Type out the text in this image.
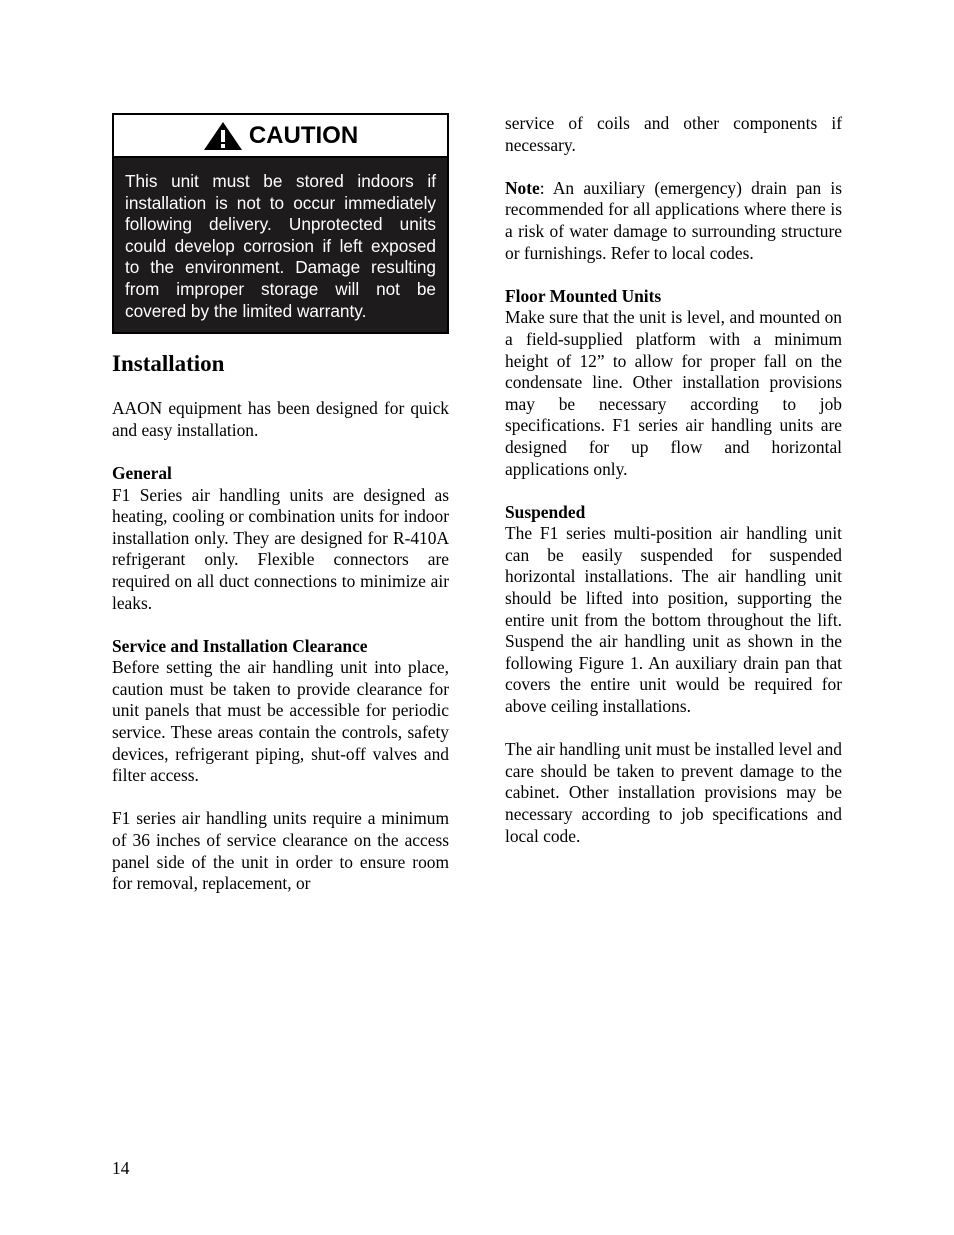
CAUTION
This unit must be stored indoors if installation is not to occur immediately following delivery. Unprotected units could develop corrosion if left exposed to the environment. Damage resulting from improper storage will not be covered by the limited warranty.
Installation

AAON equipment has been designed for quick and easy installation.

General
F1 Series air handling units are designed as heating, cooling or combination units for indoor installation only. They are designed for R-410A refrigerant only. Flexible connectors are required on all duct connections to minimize air leaks.

Service and Installation Clearance
Before setting the air handling unit into place, caution must be taken to provide clearance for unit panels that must be accessible for periodic service. These areas contain the controls, safety devices, refrigerant piping, shut-off valves and filter access.

F1 series air handling units require a minimum of 36 inches of service clearance on the access panel side of the unit in order to ensure room for removal, replacement, or

service of coils and other components if necessary.

Note: An auxiliary (emergency) drain pan is recommended for all applications where there is a risk of water damage to surrounding structure or furnishings. Refer to local codes.

Floor Mounted Units
Make sure that the unit is level, and mounted on a field-supplied platform with a minimum height of 12” to allow for proper fall on the condensate line. Other installation provisions may be necessary according to job specifications. F1 series air handling units are designed for up flow and horizontal applications only.

Suspended
The F1 series multi-position air handling unit can be easily suspended for suspended horizontal installations. The air handling unit should be lifted into position, supporting the entire unit from the bottom throughout the lift. Suspend the air handling unit as shown in the following Figure 1. An auxiliary drain pan that covers the entire unit would be required for above ceiling installations.

The air handling unit must be installed level and care should be taken to prevent damage to the cabinet. Other installation provisions may be necessary according to job specifications and local code.

14
